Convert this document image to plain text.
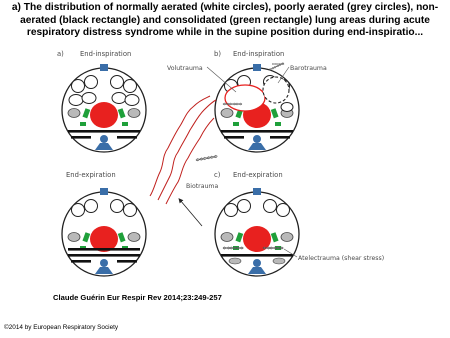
a) The distribution of normally aerated (white circles), poorly aerated (grey circles), non-aerated (black rectangle) and consolidated (green rectangle) lung areas during acute respiratory distress syndrome while in the supine position during end-inspiratio...
a) End-inspiration
End-expiration
b) End-inspiration
Volutrauma	Barotrauma
c) End-expiration
Atelectrauma (shear stress)
Biotrauma
Claude Guérin Eur Respir Rev 2014;23:249-257
©2014 by European Respiratory Society
